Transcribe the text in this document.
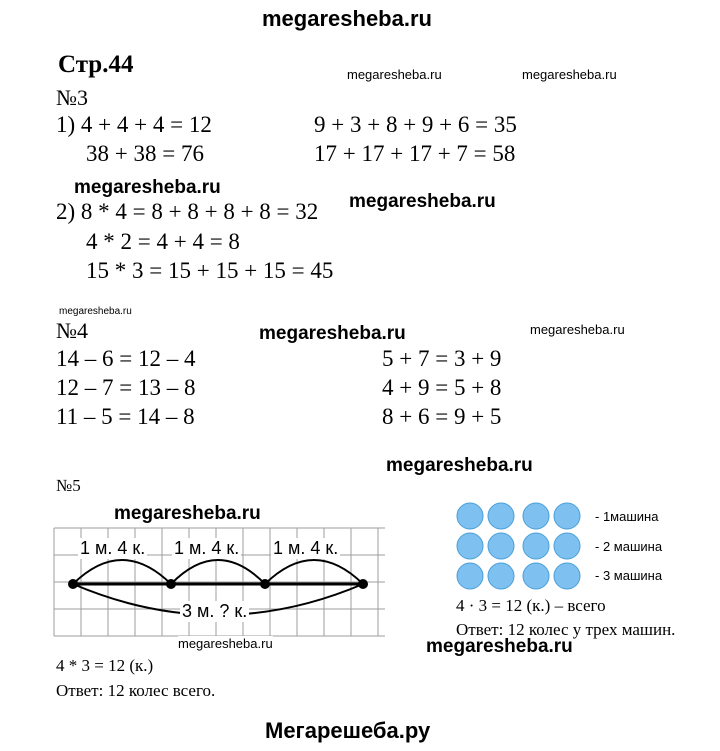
megaresheba.ru
megaresheba.ru	megaresheba.ru
megaresheba.ru
megaresheba.ru
megaresheba.ru
megaresheba.ru	megaresheba.ru
megaresheba.ru
Стр.44
№3
1) 4 + 4 + 4 = 12
38 + 38 = 76
9 + 3 + 8 + 9 + 6 = 35
17 + 17 + 17 + 7 = 58
2) 8 * 4 = 8 + 8 + 8 + 8 = 32
4 * 2 = 4 + 4 = 8
15 * 3 = 15 + 15 + 15 = 45
№4
14 – 6 = 12 – 4
12 – 7 = 13 – 8
11 – 5 = 14 – 8
5 + 7 = 3 + 9
4 + 9 = 5 + 8
8 + 6 = 9 + 5
№5
1 м. 4 к. 1 м. 4 к. 1 м. 4 к.
3 м. ? к.
megaresheba.ru
megaresheba.ru
4 * 3 = 12 (к.)
Ответ: 12 колес всего.
- 1машина
- 2 машина
- 3 машина
4 · 3 = 12 (к.) – всего
Ответ: 12 колес у трех машин.
megaresheba.ru
Мегарешеба.ру
